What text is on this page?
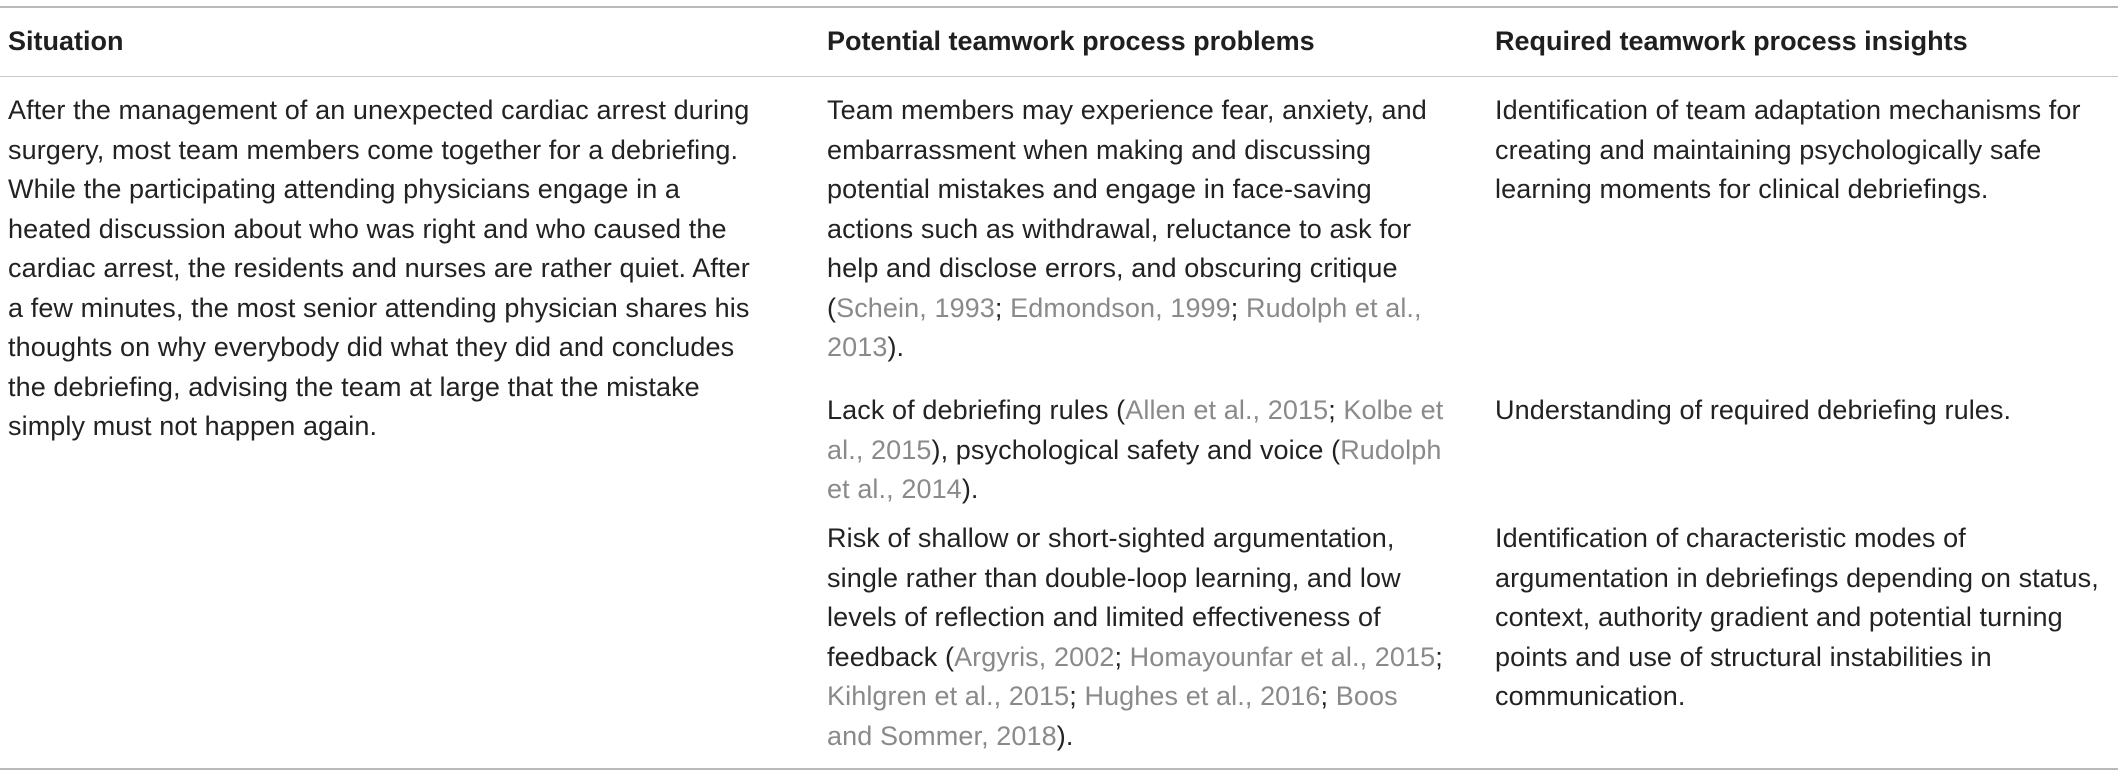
Situation	Potential teamwork process problems	Required teamwork process insights
After the management of an unexpected cardiac arrest during surgery, most team members come together for a debriefing. While the participating attending physicians engage in a heated discussion about who was right and who caused the cardiac arrest, the residents and nurses are rather quiet. After a few minutes, the most senior attending physician shares his thoughts on why everybody did what they did and concludes the debriefing, advising the team at large that the mistake simply must not happen again.
Team members may experience fear, anxiety, and embarrassment when making and discussing potential mistakes and engage in face-saving actions such as withdrawal, reluctance to ask for help and disclose errors, and obscuring critique (Schein, 1993; Edmondson, 1999; Rudolph et al., 2013).
Identification of team adaptation mechanisms for creating and maintaining psychologically safe learning moments for clinical debriefings.
Lack of debriefing rules (Allen et al., 2015; Kolbe et al., 2015), psychological safety and voice (Rudolph et al., 2014).
Understanding of required debriefing rules.
Risk of shallow or short-sighted argumentation, single rather than double-loop learning, and low levels of reflection and limited effectiveness of feedback (Argyris, 2002; Homayounfar et al., 2015; Kihlgren et al., 2015; Hughes et al., 2016; Boos and Sommer, 2018).
Identification of characteristic modes of argumentation in debriefings depending on status, context, authority gradient and potential turning points and use of structural instabilities in communication.
